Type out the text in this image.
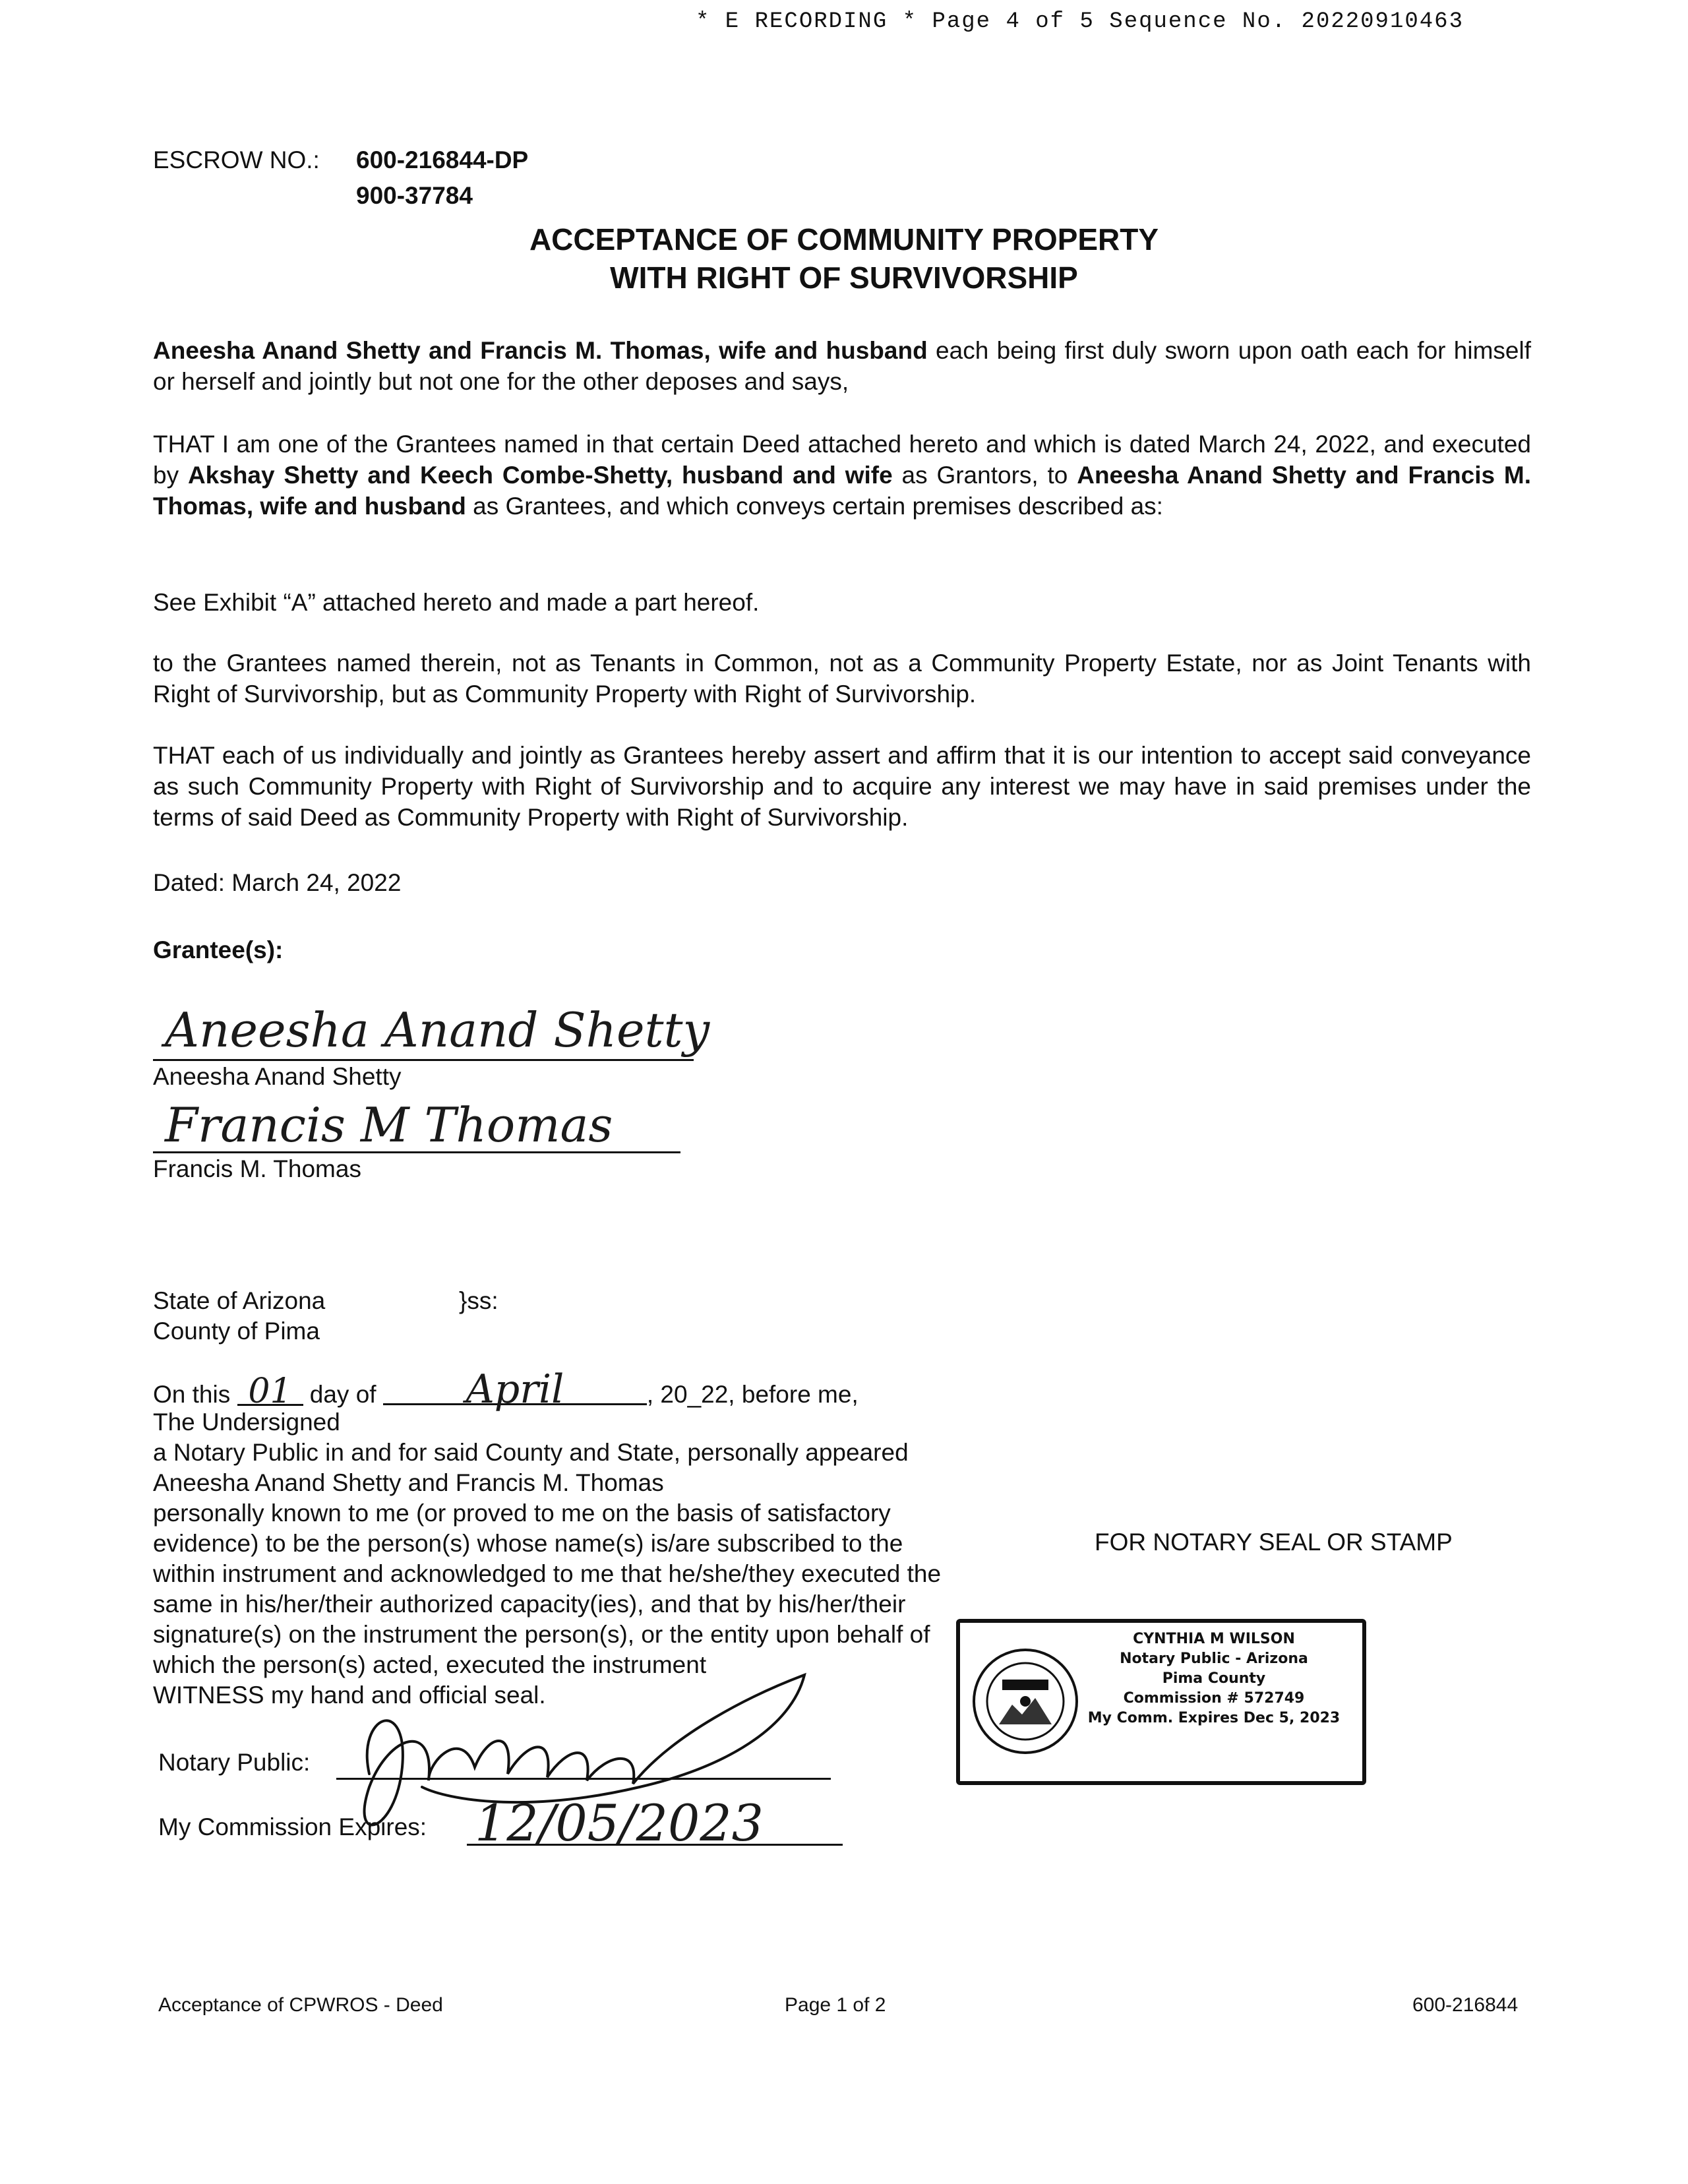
* E RECORDING * Page 4 of 5 Sequence No. 20220910463
ESCROW NO.: 600-216844-DP
900-37784
ACCEPTANCE OF COMMUNITY PROPERTY
WITH RIGHT OF SURVIVORSHIP
Aneesha Anand Shetty and Francis M. Thomas, wife and husband each being first duly sworn upon oath each for himself or herself and jointly but not one for the other deposes and says,
THAT I am one of the Grantees named in that certain Deed attached hereto and which is dated March 24, 2022, and executed by Akshay Shetty and Keech Combe-Shetty, husband and wife as Grantors, to Aneesha Anand Shetty and Francis M. Thomas, wife and husband as Grantees, and which conveys certain premises described as:
See Exhibit “A” attached hereto and made a part hereof.
to the Grantees named therein, not as Tenants in Common, not as a Community Property Estate, nor as Joint Tenants with Right of Survivorship, but as Community Property with Right of Survivorship.
THAT each of us individually and jointly as Grantees hereby assert and affirm that it is our intention to accept said conveyance as such Community Property with Right of Survivorship and to acquire any interest we may have in said premises under the terms of said Deed as Community Property with Right of Survivorship.
Dated: March 24, 2022
Grantee(s):
Aneesha Anand Shetty
Aneesha Anand Shetty
Francis M Thomas
Francis M. Thomas
State of Arizona	}ss:
County of Pima
On this 01 day of April	, 20_22, before me,
The Undersigned
a Notary Public in and for said County and State, personally appeared
Aneesha Anand Shetty and Francis M. Thomas
personally known to me (or proved to me on the basis of satisfactory
evidence) to be the person(s) whose name(s) is/are subscribed to the
within instrument and acknowledged to me that he/she/they executed the
same in his/her/their authorized capacity(ies), and that by his/her/their
signature(s) on the instrument the person(s), or the entity upon behalf of
which the person(s) acted, executed the instrument
WITNESS my hand and official seal.
FOR NOTARY SEAL OR STAMP
Notary Public:
My Commission Expires: 12/05/2023
CYNTHIA M WILSON
Notary Public - Arizona
Pima County
Commission # 572749
My Comm. Expires Dec 5, 2023
Acceptance of CPWROS - Deed	Page 1 of 2	600-216844
